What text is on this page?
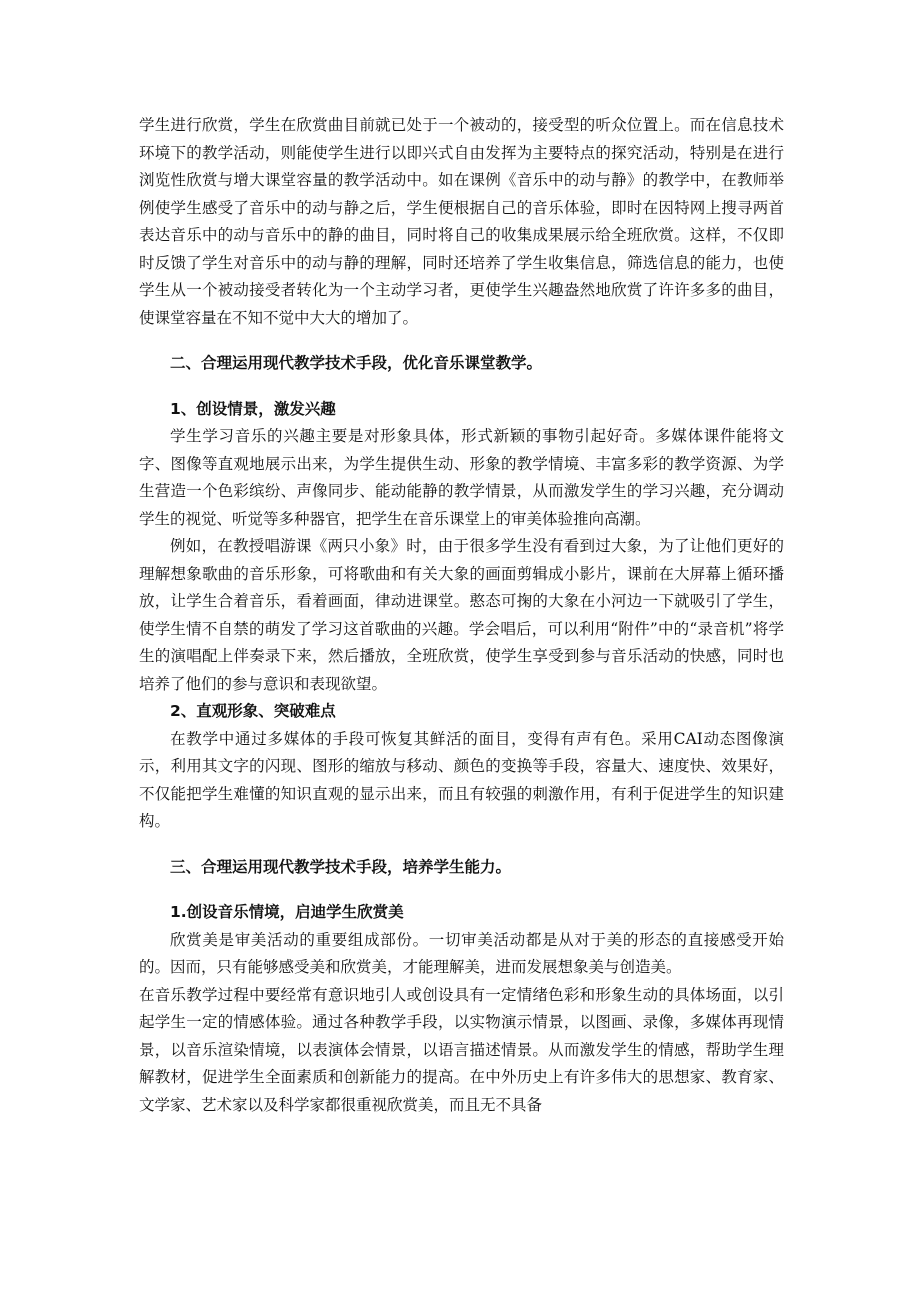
学生进行欣赏，学生在欣赏曲目前就已处于一个被动的，接受型的听众位置上。而在信息技术环境下的教学活动，则能使学生进行以即兴式自由发挥为主要特点的探究活动，特别是在进行浏览性欣赏与增大课堂容量的教学活动中。如在课例《音乐中的动与静》的教学中，在教师举例使学生感受了音乐中的动与静之后，学生便根据自己的音乐体验，即时在因特网上搜寻两首表达音乐中的动与音乐中的静的曲目，同时将自己的收集成果展示给全班欣赏。这样，不仅即时反馈了学生对音乐中的动与静的理解，同时还培养了学生收集信息，筛选信息的能力，也使学生从一个被动接受者转化为一个主动学习者，更使学生兴趣盎然地欣赏了许许多多的曲目，使课堂容量在不知不觉中大大的增加了。

二、合理运用现代教学技术手段，优化音乐课堂教学。

1、创设情景，激发兴趣

学生学习音乐的兴趣主要是对形象具体，形式新颖的事物引起好奇。多媒体课件能将文字、图像等直观地展示出来，为学生提供生动、形象的教学情境、丰富多彩的教学资源、为学生营造一个色彩缤纷、声像同步、能动能静的教学情景，从而激发学生的学习兴趣，充分调动学生的视觉、听觉等多种器官，把学生在音乐课堂上的审美体验推向高潮。

例如，在教授唱游课《两只小象》时，由于很多学生没有看到过大象，为了让他们更好的理解想象歌曲的音乐形象，可将歌曲和有关大象的画面剪辑成小影片，课前在大屏幕上循环播放，让学生合着音乐，看着画面，律动进课堂。憨态可掬的大象在小河边一下就吸引了学生，使学生情不自禁的萌发了学习这首歌曲的兴趣。学会唱后，可以利用“附件”中的“录音机”将学生的演唱配上伴奏录下来，然后播放，全班欣赏，使学生享受到参与音乐活动的快感，同时也培养了他们的参与意识和表现欲望。

2、直观形象、突破难点

在教学中通过多媒体的手段可恢复其鲜活的面目，变得有声有色。采用CAI动态图像演示，利用其文字的闪现、图形的缩放与移动、颜色的变换等手段，容量大、速度快、效果好，不仅能把学生难懂的知识直观的显示出来，而且有较强的刺激作用，有利于促进学生的知识建构。

三、合理运用现代教学技术手段，培养学生能力。

1.创设音乐情境，启迪学生欣赏美

欣赏美是审美活动的重要组成部份。一切审美活动都是从对于美的形态的直接感受开始的。因而，只有能够感受美和欣赏美，才能理解美，进而发展想象美与创造美。

在音乐教学过程中要经常有意识地引人或创设具有一定情绪色彩和形象生动的具体场面，以引起学生一定的情感体验。通过各种教学手段，以实物演示情景，以图画、录像，多媒体再现情景，以音乐渲染情境，以表演体会情景，以语言描述情景。从而激发学生的情感，帮助学生理解教材，促进学生全面素质和创新能力的提高。在中外历史上有许多伟大的思想家、教育家、文学家、艺术家以及科学家都很重视欣赏美，而且无不具备
